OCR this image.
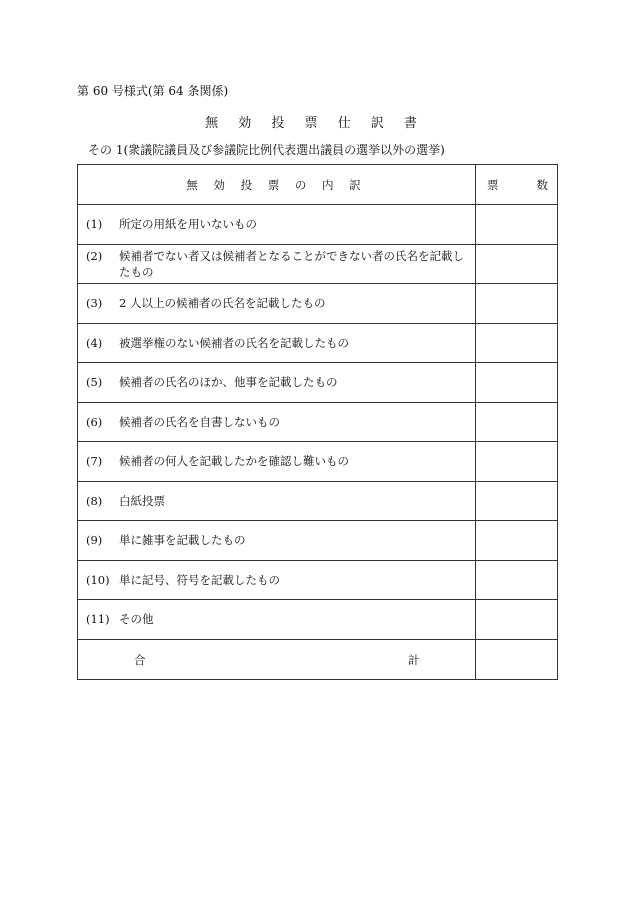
第 60 号様式(第 64 条関係)
無 効 投 票 仕 訳 書
その 1(衆議院議員及び参議院比例代表選出議員の選挙以外の選挙)
無 効 投 票 の 内 訳	票 数

(1) 所定の用紙を用いないもの	

(2) 候補者でない者又は候補者となることができない者の氏名を記載したもの	

(3) 2 人以上の候補者の氏名を記載したもの	

(4) 被選挙権のない候補者の氏名を記載したもの	

(5) 候補者の氏名のほか、他事を記載したもの	

(6) 候補者の氏名を自書しないもの	

(7) 候補者の何人を記載したかを確認し難いもの	

(8) 白紙投票	

(9) 単に雑事を記載したもの	

(10) 単に記号、符号を記載したもの	

(11) その他	

合 計	
